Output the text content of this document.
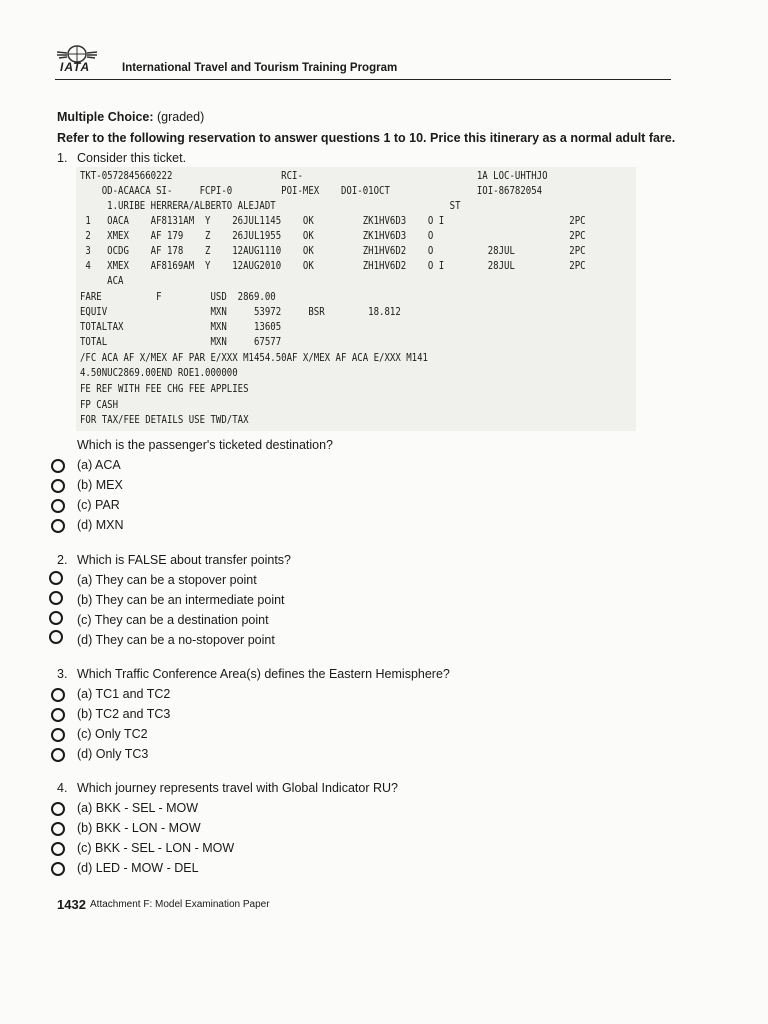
IATA	International Travel and Tourism Training Program
Multiple Choice: (graded)
Refer to the following reservation to answer questions 1 to 10. Price this itinerary as a normal adult fare.
1. Consider this ticket.
TKT-0572845660222                    RCI-                                1A LOC-UHTHJO
OD-ACAACA SI-     FCPI-0         POI-MEX    DOI-01OCT                IOI-86782054
1.URIBE HERRERA/ALBERTO ALEJADT                                ST
1   OACA    AF8131AM  Y    26JUL1145    OK         ZK1HV6D3    O I                       2PC
2   XMEX    AF 179    Z    26JUL1955    OK         ZK1HV6D3    O                         2PC
3   OCDG    AF 178    Z    12AUG1110    OK         ZH1HV6D2    O          28JUL          2PC
4   XMEX    AF8169AM  Y    12AUG2010    OK         ZH1HV6D2    O I        28JUL          2PC
ACA
FARE          F         USD  2869.00
EQUIV                   MXN     53972     BSR        18.812
TOTALTAX                MXN     13605
TOTAL                   MXN     67577
/FC ACA AF X/MEX AF PAR E/XXX M1454.50AF X/MEX AF ACA E/XXX M141
4.50NUC2869.00END ROE1.000000
FE REF WITH FEE CHG FEE APPLIES
FP CASH
FOR TAX/FEE DETAILS USE TWD/TAX
Which is the passenger's ticketed destination?
(a) ACA
(b) MEX
(c) PAR
(d) MXN
2. Which is FALSE about transfer points?
(a) They can be a stopover point
(b) They can be an intermediate point
(c) They can be a destination point
(d) They can be a no-stopover point
3. Which Traffic Conference Area(s) defines the Eastern Hemisphere?
(a) TC1 and TC2
(b) TC2 and TC3
(c) Only TC2
(d) Only TC3
4. Which journey represents travel with Global Indicator RU?
(a) BKK - SEL - MOW
(b) BKK - LON - MOW
(c) BKK - SEL - LON - MOW
(d) LED - MOW - DEL
1432 Attachment F: Model Examination Paper
